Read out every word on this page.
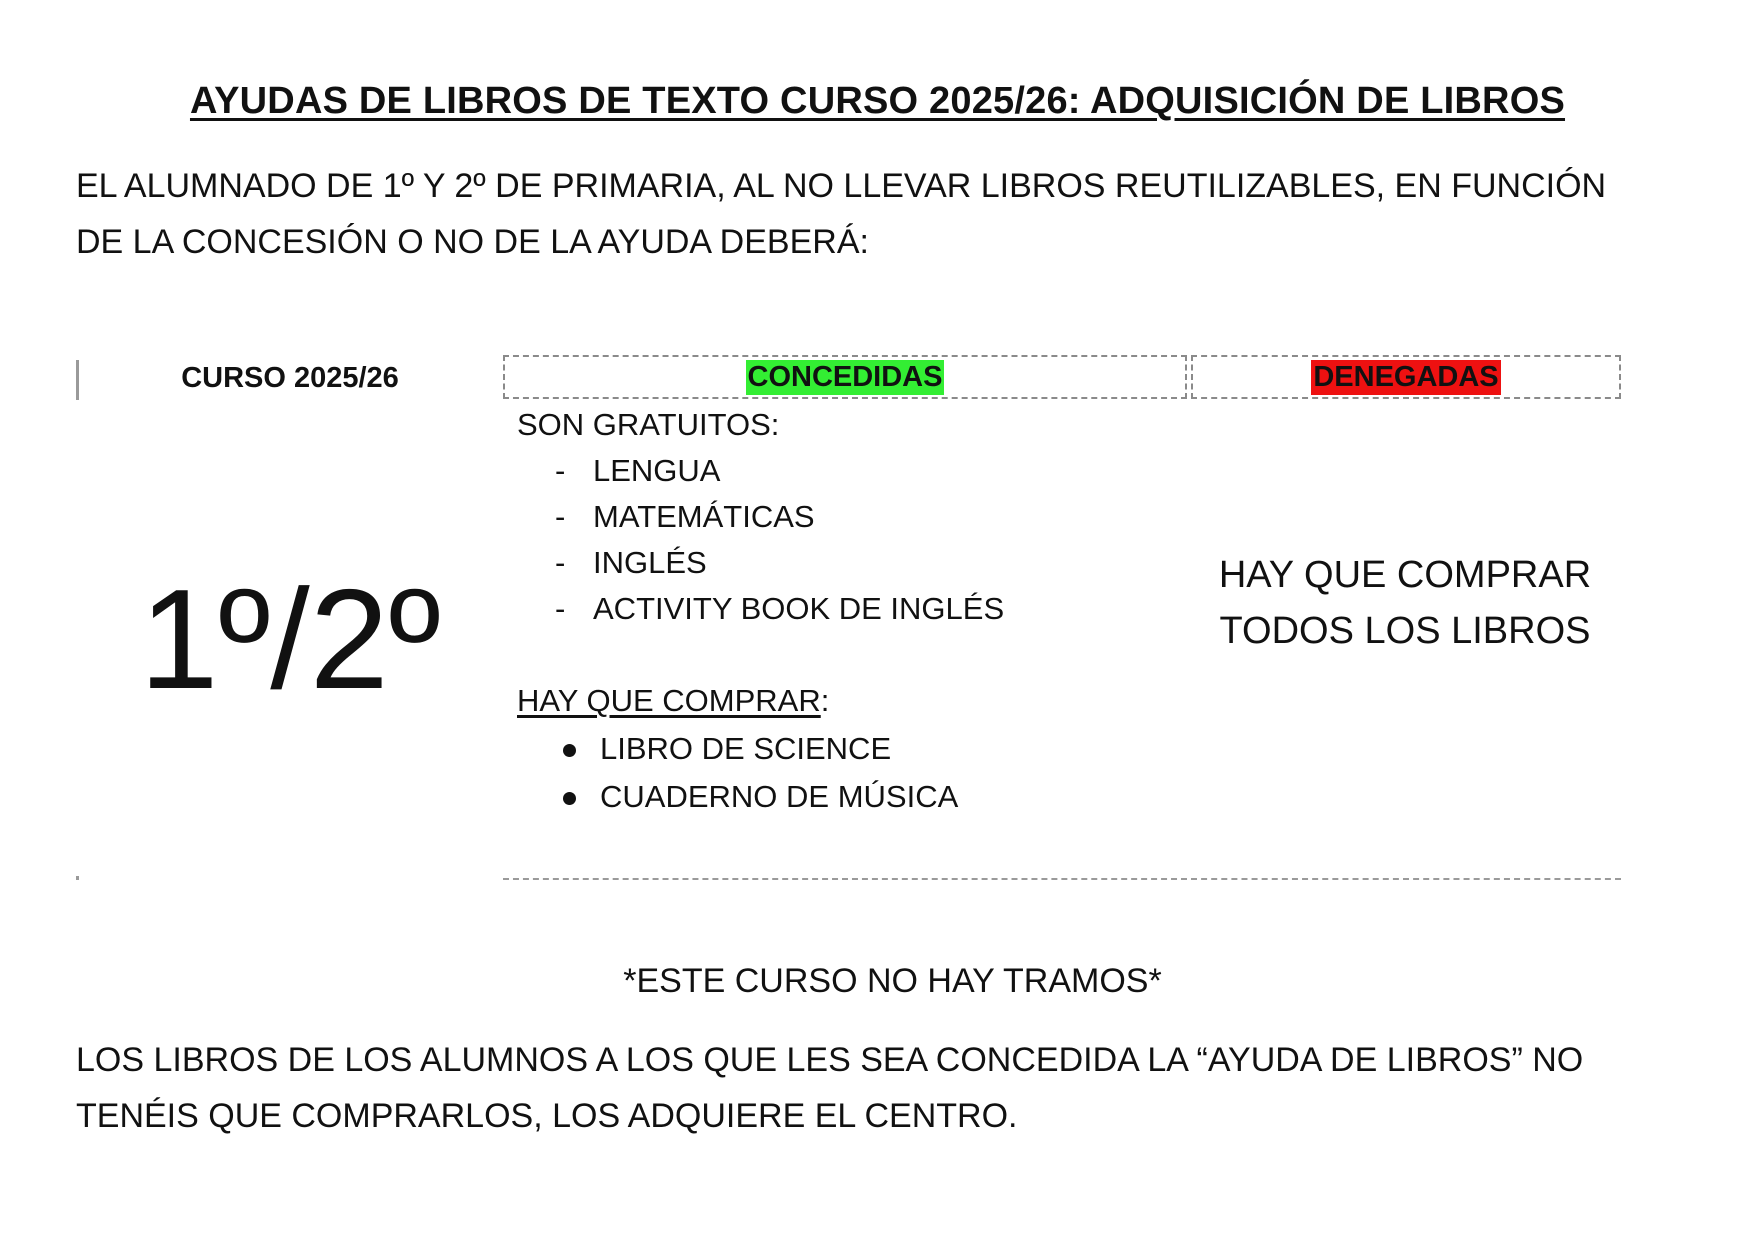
AYUDAS DE LIBROS DE TEXTO CURSO 2025/26: ADQUISICIÓN DE LIBROS
EL ALUMNADO DE 1º Y 2º DE PRIMARIA, AL NO LLEVAR LIBROS REUTILIZABLES, EN FUNCIÓN
DE LA CONCESIÓN O NO DE LA AYUDA DEBERÁ:
CURSO 2025/26	CONCEDIDAS	DENEGADAS
1º/2º
SON GRATUITOS:
- LENGUA
- MATEMÁTICAS
- INGLÉS
- ACTIVITY BOOK DE INGLÉS
HAY QUE COMPRAR:
LIBRO DE SCIENCE
CUADERNO DE MÚSICA
HAY QUE COMPRAR
TODOS LOS LIBROS
*ESTE CURSO NO HAY TRAMOS*
LOS LIBROS DE LOS ALUMNOS A LOS QUE LES SEA CONCEDIDA LA “AYUDA DE LIBROS” NO
TENÉIS QUE COMPRARLOS, LOS ADQUIERE EL CENTRO.
